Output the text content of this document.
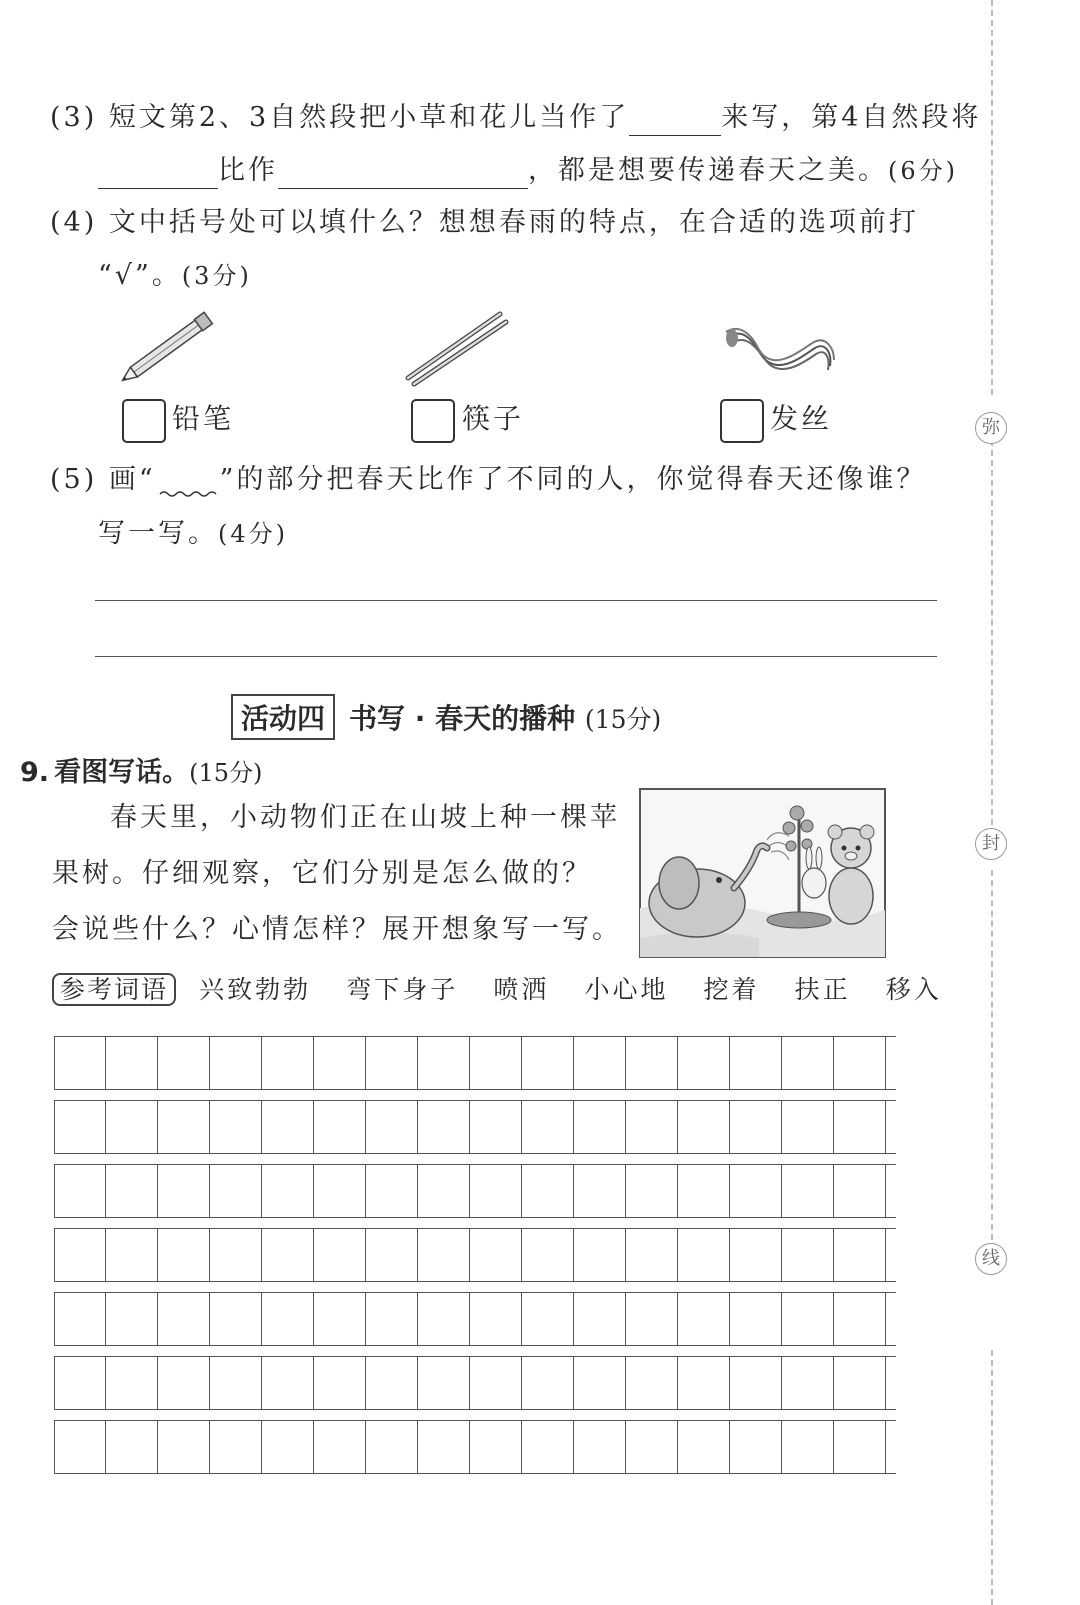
弥
封
线
(3) 短文第2、3自然段把小草和花儿当作了	来写，第4自然段将
比作	，都是想要传递春天之美。(6分)
(4) 文中括号处可以填什么？想想春雨的特点，在合适的选项前打
“√”。(3分)
铅笔	筷子	发丝
(5) 画“ ”的部分把春天比作了不同的人，你觉得春天还像谁？
写一写。(4分)
活动四 书写 · 春天的播种 (15分)
9. 看图写话。(15分)
春天里，小动物们正在山坡上种一棵苹
果树。仔细观察，它们分别是怎么做的？
会说些什么？心情怎样？展开想象写一写。
参考词语 兴致勃勃 弯下身子 喷洒 小心地 挖着 扶正 移入
